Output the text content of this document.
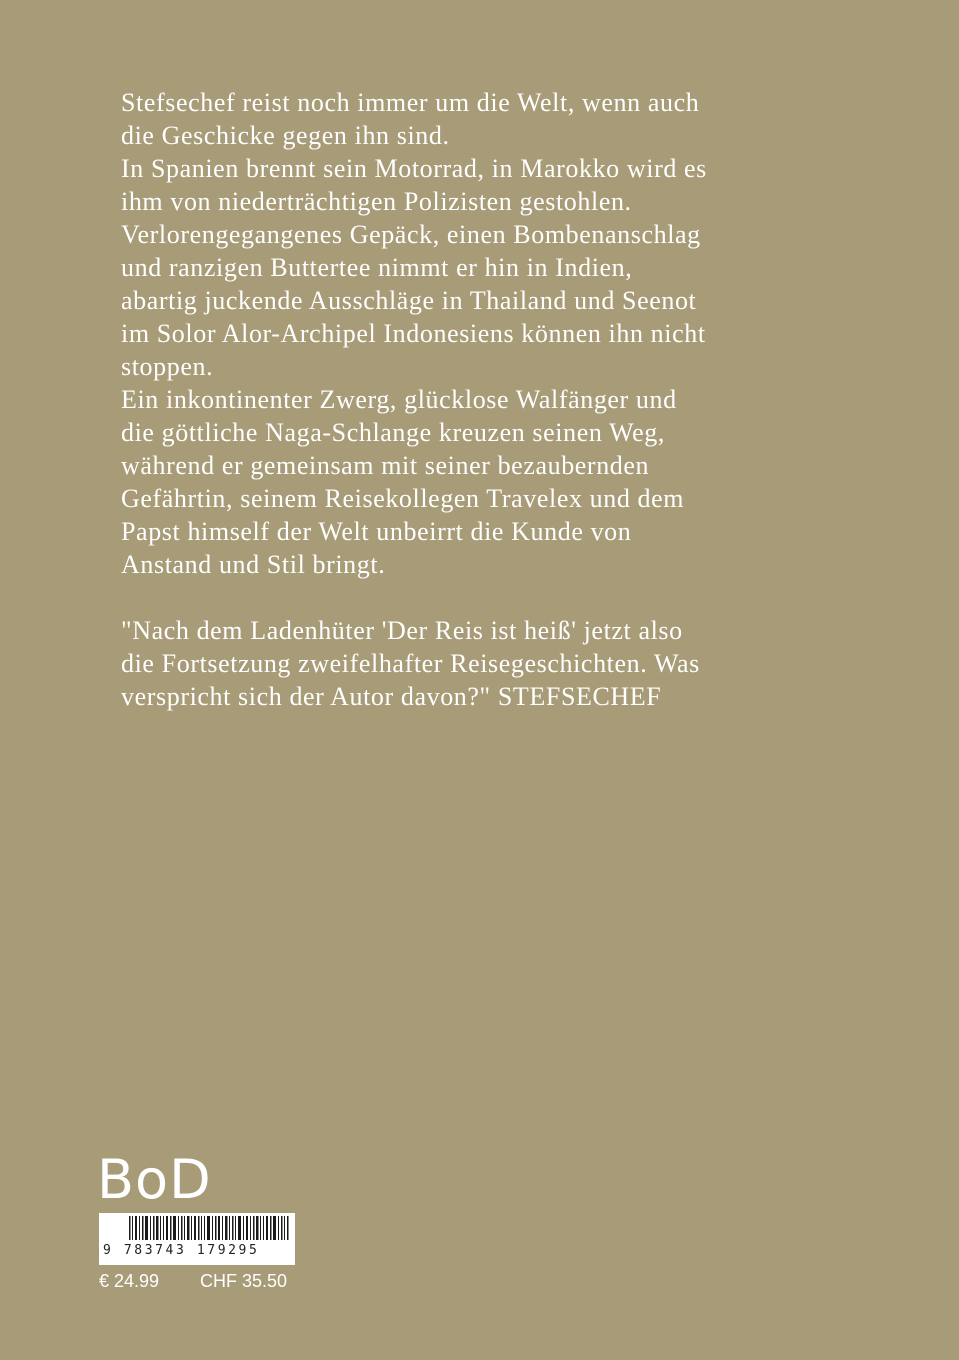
Stefsechef reist noch immer um die Welt, wenn auch
die Geschicke gegen ihn sind.
In Spanien brennt sein Motorrad, in Marokko wird es
ihm von niederträchtigen Polizisten gestohlen.
Verlorengegangenes Gepäck, einen Bombenanschlag
und ranzigen Buttertee nimmt er hin in Indien,
abartig juckende Ausschläge in Thailand und Seenot
im Solor Alor-Archipel Indonesiens können ihn nicht
stoppen.
Ein inkontinenter Zwerg, glücklose Walfänger und
die göttliche Naga-Schlange kreuzen seinen Weg,
während er gemeinsam mit seiner bezaubernden
Gefährtin, seinem Reisekollegen Travelex und dem
Papst himself der Welt unbeirrt die Kunde von
Anstand und Stil bringt.
"Nach dem Ladenhüter 'Der Reis ist heiß' jetzt also
die Fortsetzung zweifelhafter Reisegeschichten. Was
verspricht sich der Autor davon?" STEFSECHEF
BoD
9 783743 179295
€ 24.99 CHF 35.50
